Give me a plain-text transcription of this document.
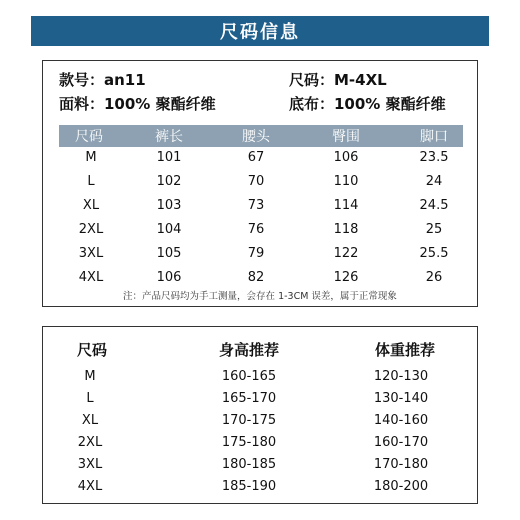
尺码信息
款号：an11	尺码：M-4XL
面料：100% 聚酯纤维	底布：100% 聚酯纤维
尺码	裤长	腰头	臀围	脚口
M	101	67	106	23.5
L	102	70	110	24
XL	103	73	114	24.5
2XL	104	76	118	25
3XL	105	79	122	25.5
4XL	106	82	126	26
注：产品尺码均为手工测量，会存在 1-3CM 误差，属于正常现象
尺码	身高推荐	体重推荐
M	160-165	120-130
L	165-170	130-140
XL	170-175	140-160
2XL	175-180	160-170
3XL	180-185	170-180
4XL	185-190	180-200
